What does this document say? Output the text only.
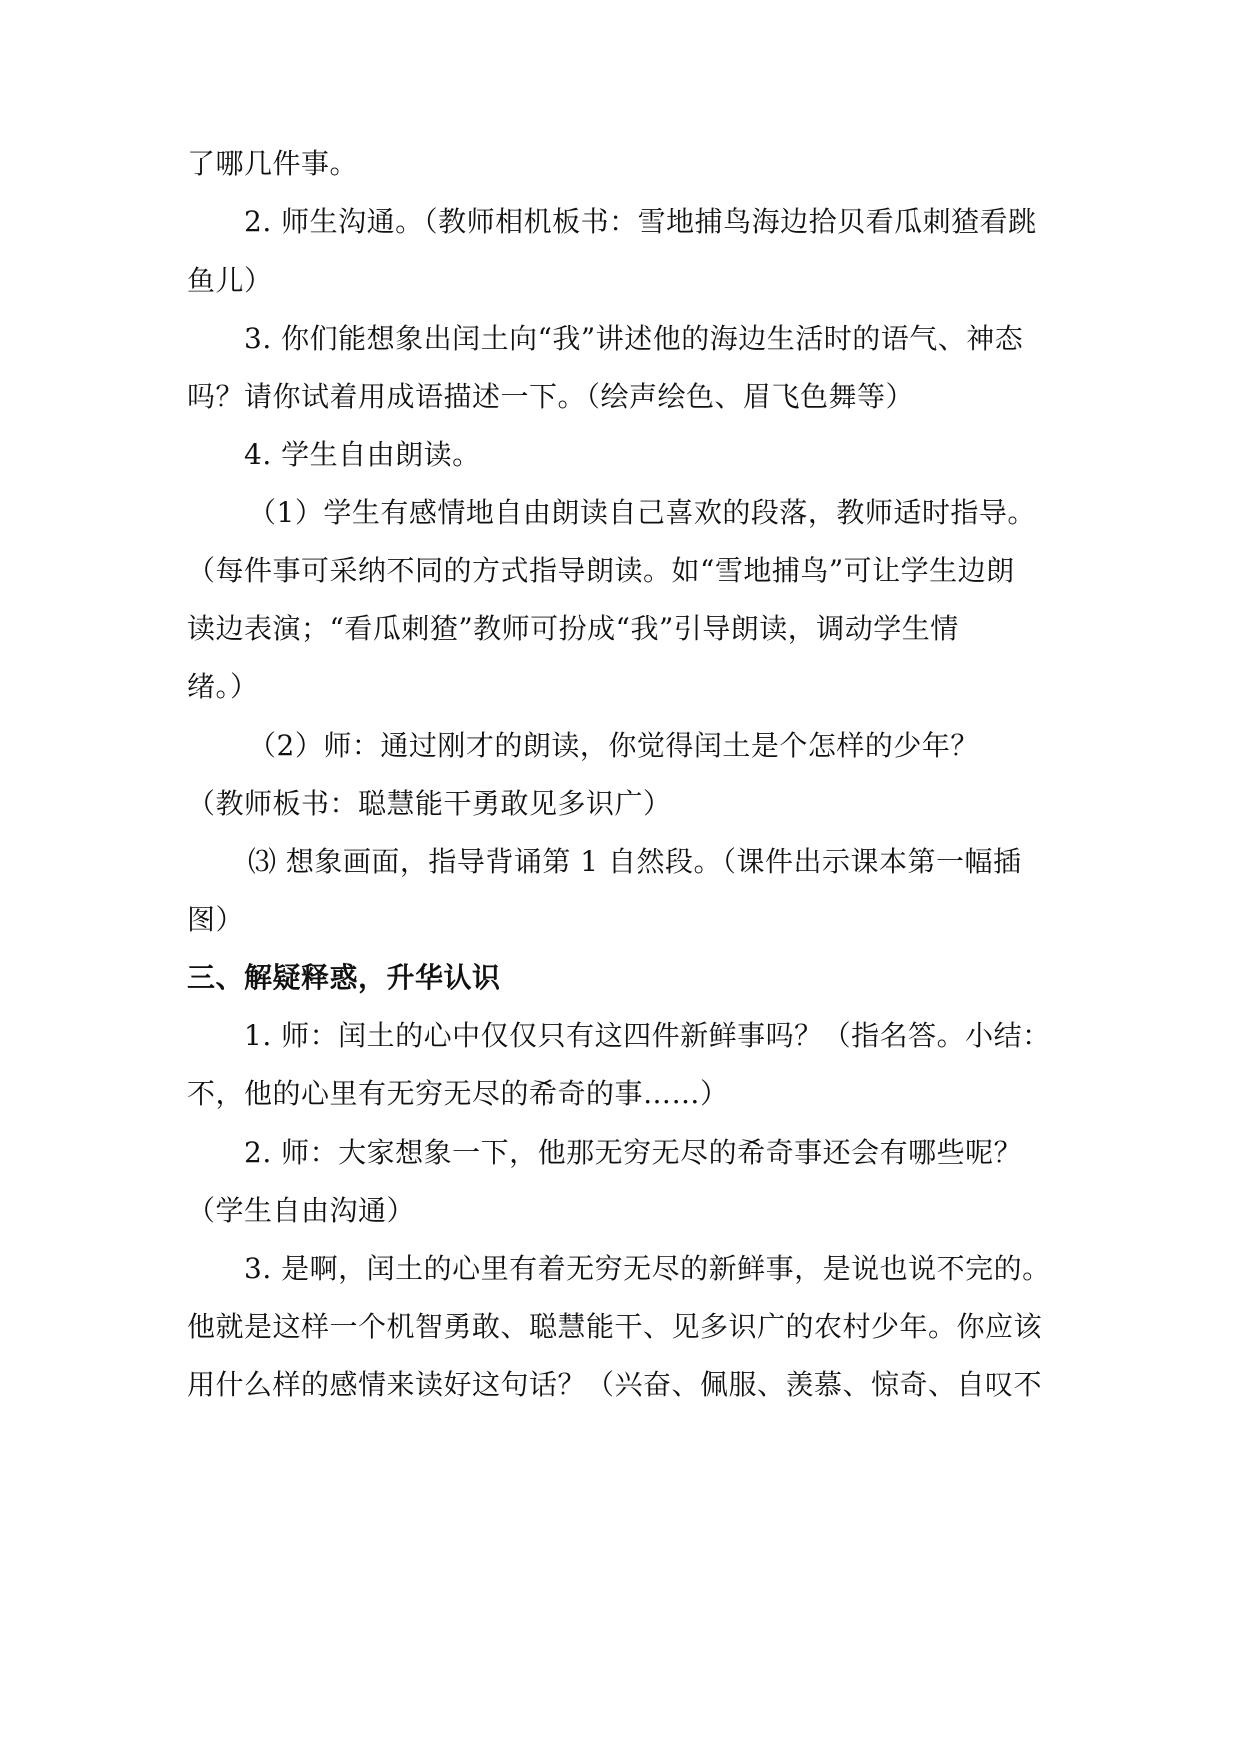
了哪几件事。
2. 师生沟通。（教师相机板书：雪地捕鸟海边拾贝看瓜刺猹看跳
鱼儿）
3. 你们能想象出闰土向“我”讲述他的海边生活时的语气、神态
吗？请你试着用成语描述一下。（绘声绘色、眉飞色舞等）
4. 学生自由朗读。
（1）学生有感情地自由朗读自己喜欢的段落，教师适时指导。
（每件事可采纳不同的方式指导朗读。如“雪地捕鸟”可让学生边朗
读边表演；“看瓜刺猹”教师可扮成“我”引导朗读，调动学生情
绪。）
（2）师：通过刚才的朗读，你觉得闰土是个怎样的少年？
（教师板书：聪慧能干勇敢见多识广）
⑶ 想象画面，指导背诵第 1 自然段。（课件出示课本第一幅插
图）
三、解疑释惑，升华认识
1. 师：闰土的心中仅仅只有这四件新鲜事吗？（指名答。小结：
不，他的心里有无穷无尽的希奇的事……）
2. 师：大家想象一下，他那无穷无尽的希奇事还会有哪些呢？
（学生自由沟通）
3. 是啊，闰土的心里有着无穷无尽的新鲜事，是说也说不完的。
他就是这样一个机智勇敢、聪慧能干、见多识广的农村少年。你应该
用什么样的感情来读好这句话？（兴奋、佩服、羡慕、惊奇、自叹不
